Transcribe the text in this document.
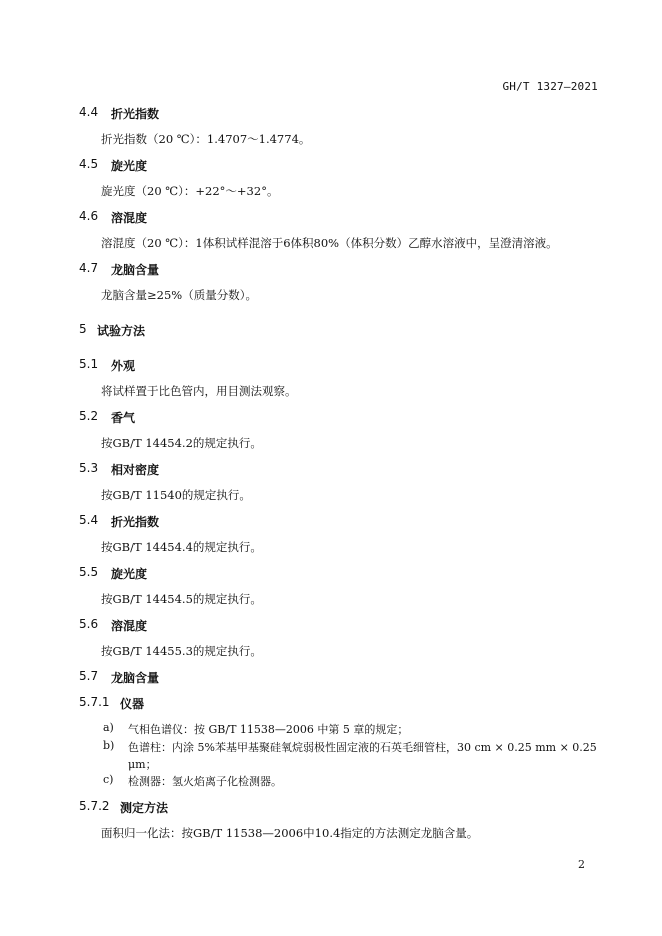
GH/T 1327—2021
4.4 折光指数
折光指数（20 ℃）：1.4707～1.4774。
4.5 旋光度
旋光度（20 ℃）：+22°～+32°。
4.6 溶混度
溶混度（20 ℃）：1体积试样混溶于6体积80%（体积分数）乙醇水溶液中，呈澄清溶液。
4.7 龙脑含量
龙脑含量≥25%（质量分数）。
5 试验方法
5.1 外观
将试样置于比色管内，用目测法观察。
5.2 香气
按GB/T 14454.2的规定执行。
5.3 相对密度
按GB/T 11540的规定执行。
5.4 折光指数
按GB/T 14454.4的规定执行。
5.5 旋光度
按GB/T 14454.5的规定执行。
5.6 溶混度
按GB/T 14455.3的规定执行。
5.7 龙脑含量
5.7.1 仪器
a) 气相色谱仪：按 GB/T 11538—2006 中第 5 章的规定；
b) 色谱柱：内涂 5%苯基甲基聚硅氧烷弱极性固定液的石英毛细管柱，30 cm × 0.25 mm × 0.25
μm；
c) 检测器：氢火焰离子化检测器。
5.7.2 测定方法
面积归一化法：按GB/T 11538—2006中10.4指定的方法测定龙脑含量。
2
